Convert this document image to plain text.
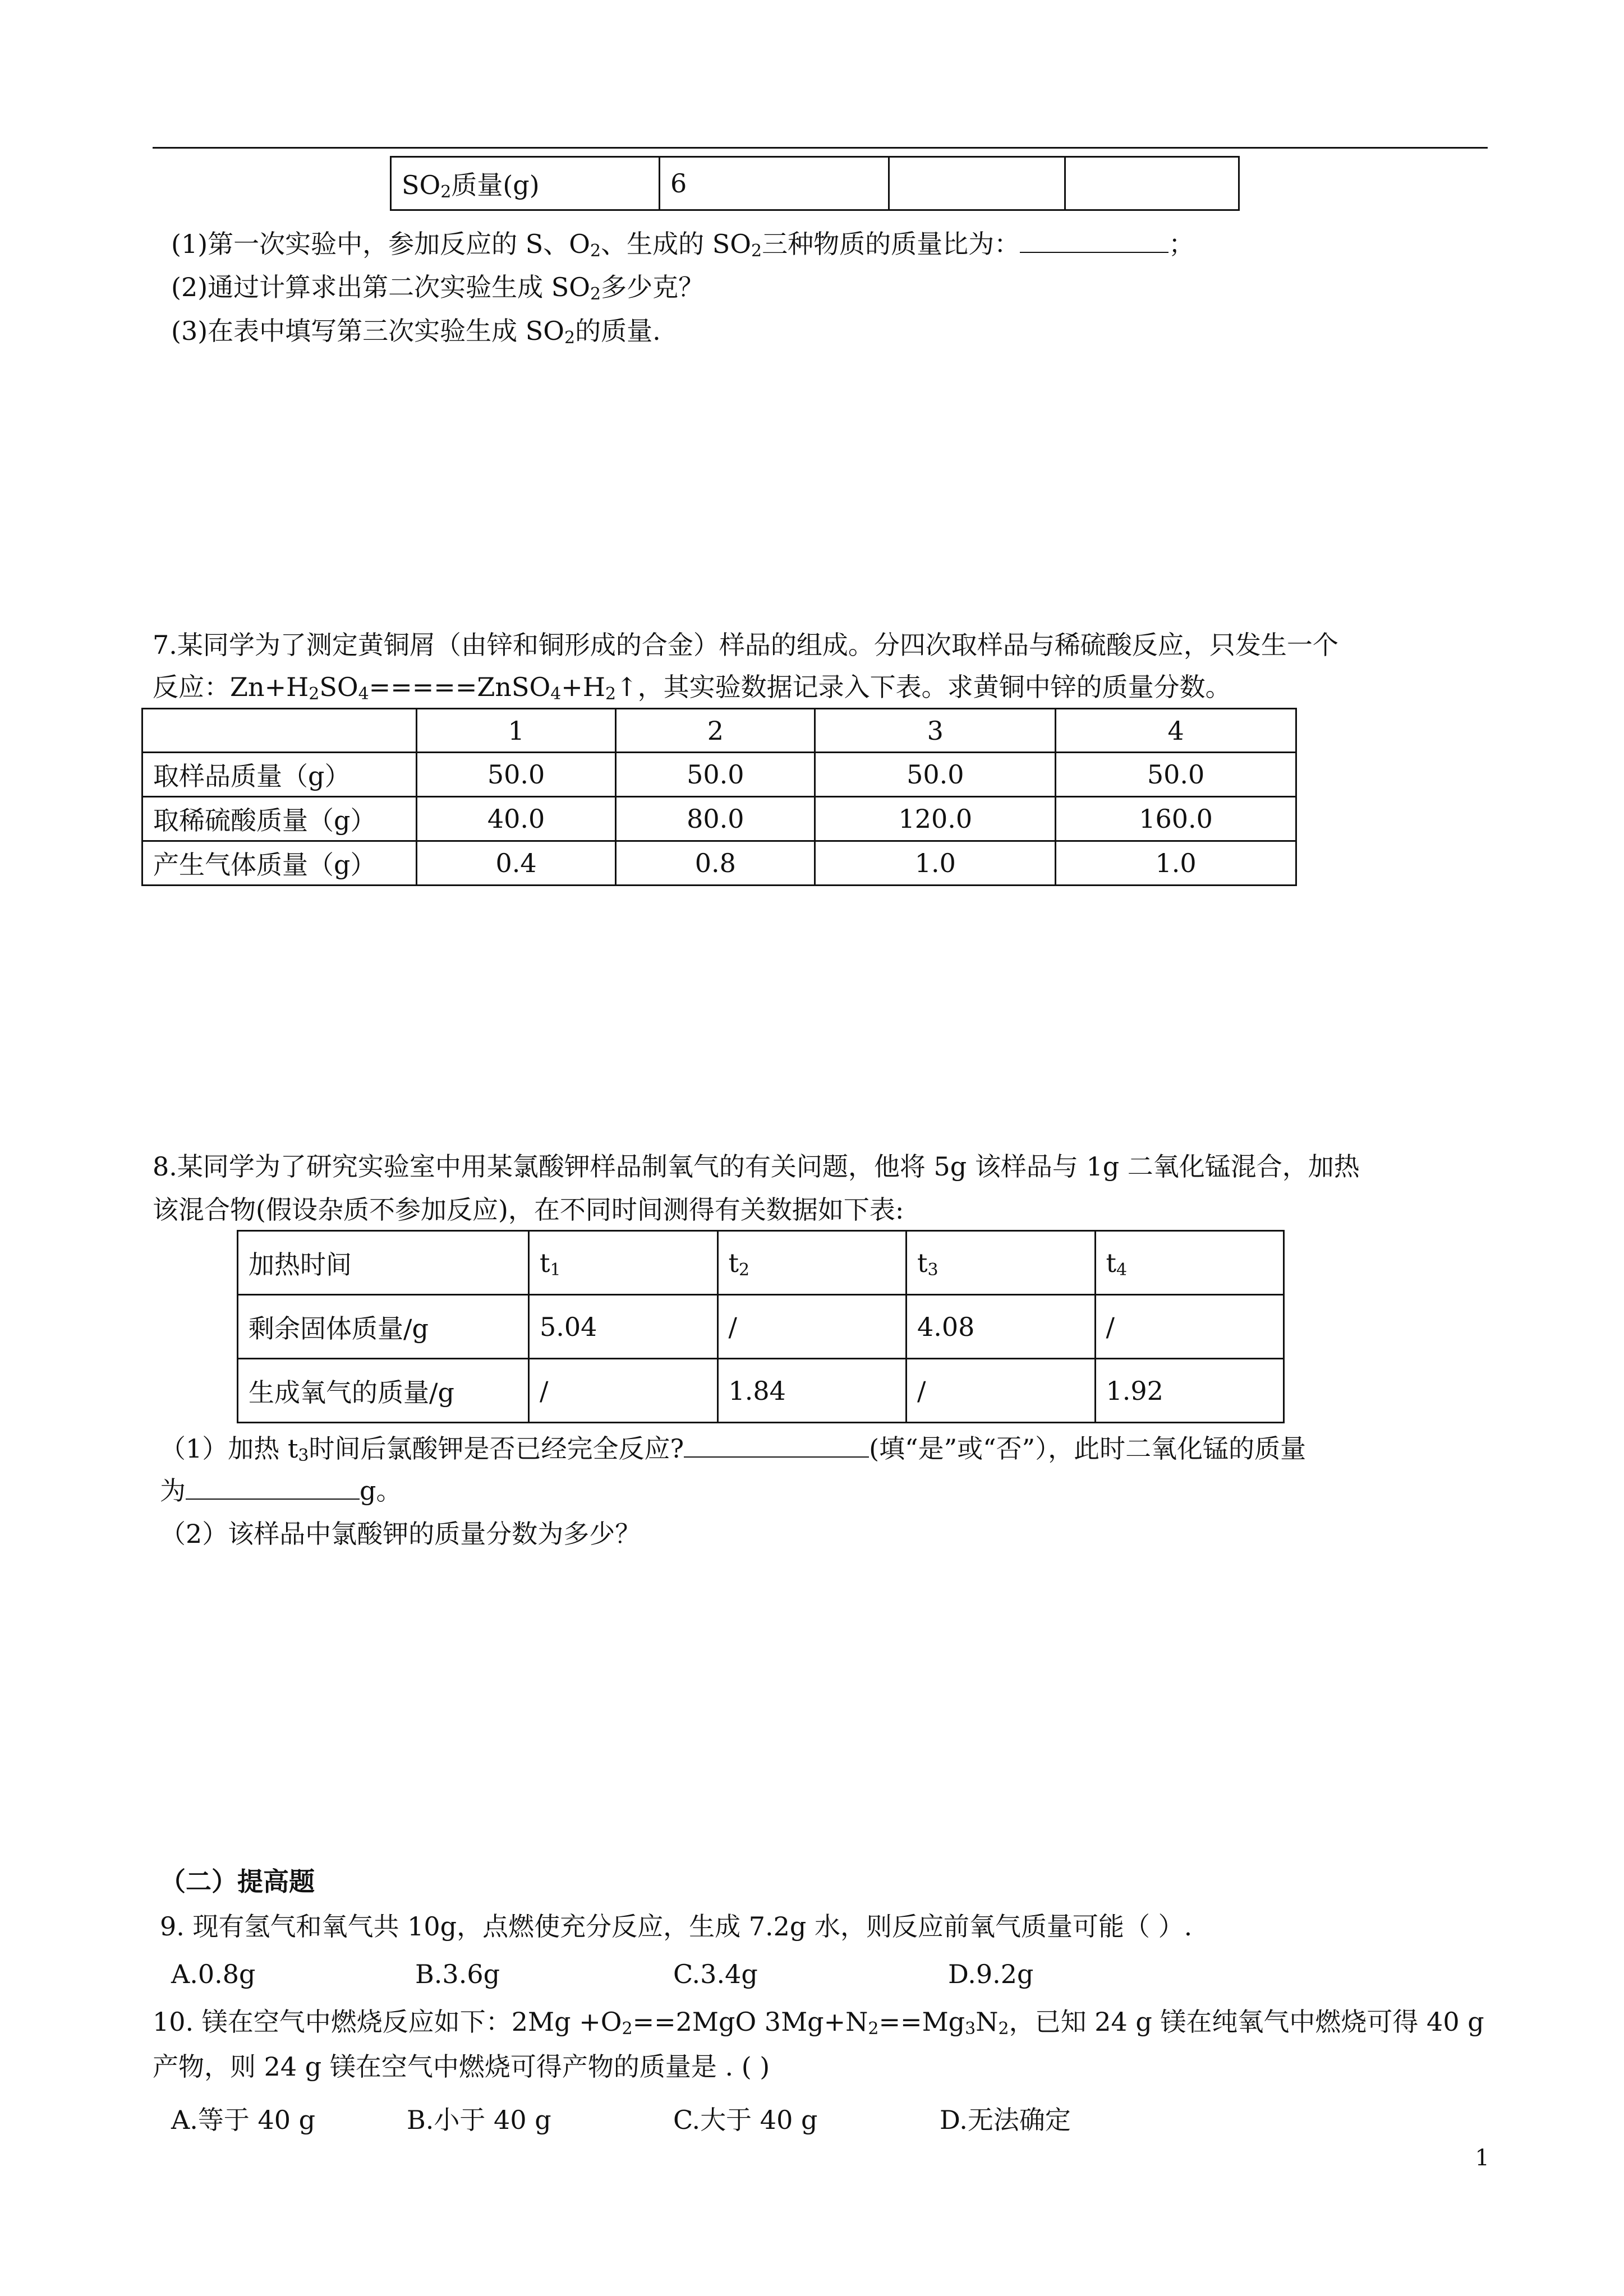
$SO_2$质量(g)	6		
(1)第一次实验中，参加反应的 S、$O_2$、生成的 $SO_2$三种物质的质量比为：	；
(2)通过计算求出第二次实验生成 $SO_2$多少克？
(3)在表中填写第三次实验生成 $SO_2$的质量.
7.某同学为了测定黄铜屑（由锌和铜形成的合金）样品的组成。分四次取样品与稀硫酸反应，只发生一个
反应：$Zn+H_2SO_4=====ZnSO_4+H_2↑$，其实验数据记录入下表。求黄铜中锌的质量分数。
	1	2	3	4
取样品质量（g）	50.0	50.0	50.0	50.0
取稀硫酸质量（g）	40.0	80.0	120.0	160.0
产生气体质量（g）	0.4	0.8	1.0	1.0
8.某同学为了研究实验室中用某氯酸钾样品制氧气的有关问题，他将 5g 该样品与 1g 二氧化锰混合，加热
该混合物(假设杂质不参加反应)，在不同时间测得有关数据如下表:
加热时间	$t_1$	$t_2$	$t_3$	$t_4$
剩余固体质量/g	5.04	/	4.08	/
生成氧气的质量/g	/	1.84	/	1.92
（1）加热 $t_3$时间后氯酸钾是否已经完全反应?	(填“是”或“否”），此时二氧化锰的质量
为	g。
（2）该样品中氯酸钾的质量分数为多少？
（二）提高题
9. 现有氢气和氧气共 10g，点燃使充分反应，生成 7.2g 水，则反应前氧气质量可能（ ）.
A.0.8g	B.3.6g	C.3.4g	D.9.2g
10. 镁在空气中燃烧反应如下：$2Mg +O_2==2MgO$ $3Mg+N_2==Mg_3N_2$，已知 24 g 镁在纯氧气中燃烧可得 40 g
产物，则 24 g 镁在空气中燃烧可得产物的质量是 . ( )
A.等于 40 g	B.小于 40 g	C.大于 40 g	D.无法确定
1
